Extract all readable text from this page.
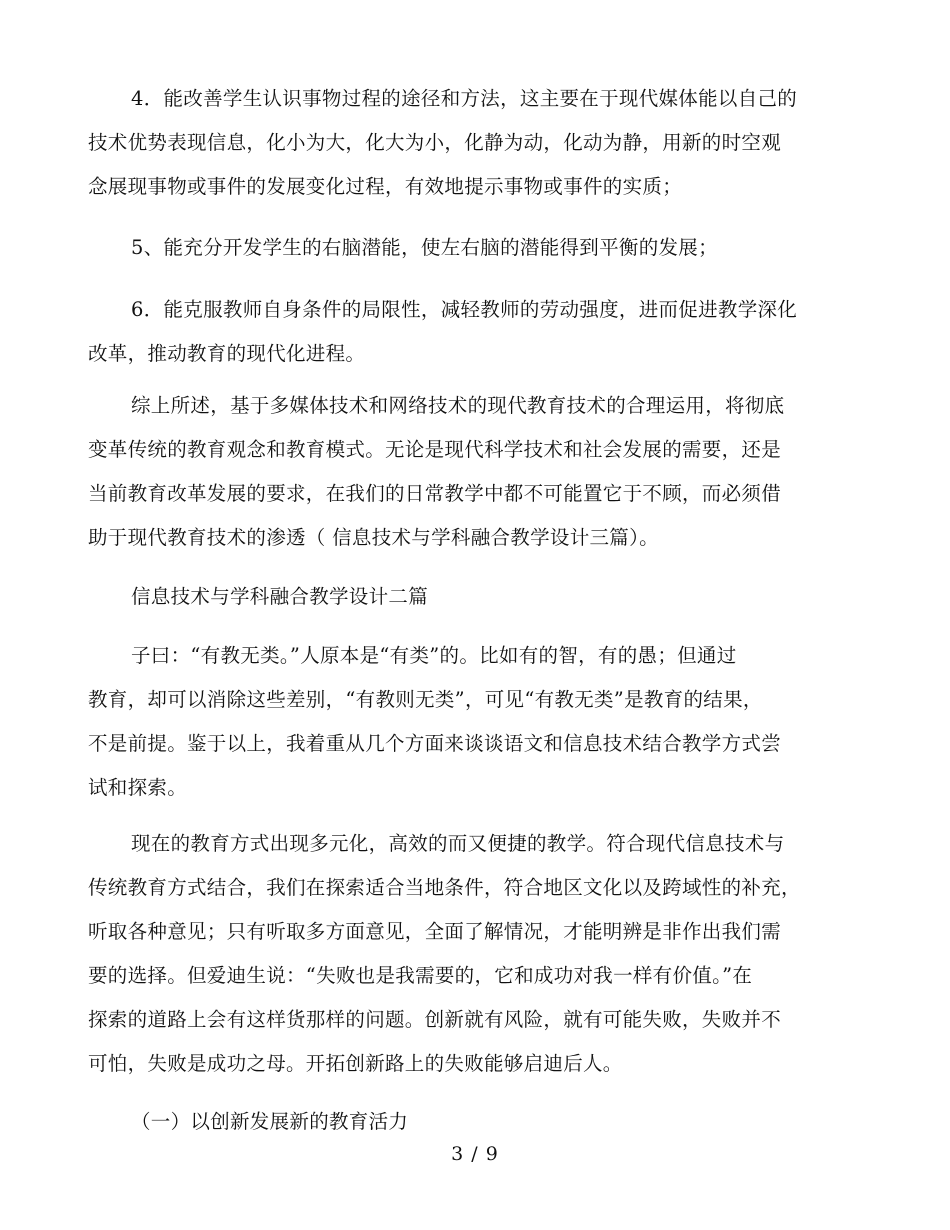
4．能改善学生认识事物过程的途径和方法，这主要在于现代媒体能以自己的
技术优势表现信息，化小为大，化大为小，化静为动，化动为静，用新的时空观
念展现事物或事件的发展变化过程，有效地提示事物或事件的实质；
5、能充分开发学生的右脑潜能，使左右脑的潜能得到平衡的发展；
6．能克服教师自身条件的局限性，减轻教师的劳动强度，进而促进教学深化
改革，推动教育的现代化进程。
综上所述，基于多媒体技术和网络技术的现代教育技术的合理运用，将彻底
变革传统的教育观念和教育模式。无论是现代科学技术和社会发展的需要，还是
当前教育改革发展的要求，在我们的日常教学中都不可能置它于不顾，而必须借
助于现代教育技术的渗透（ 信息技术与学科融合教学设计三篇）。
信息技术与学科融合教学设计二篇
子曰：“有教无类。”人原本是“有类”的。比如有的智，有的愚；但通过
教育，却可以消除这些差别，“有教则无类”，可见“有教无类”是教育的结果，
不是前提。鉴于以上，我着重从几个方面来谈谈语文和信息技术结合教学方式尝
试和探索。
现在的教育方式出现多元化，高效的而又便捷的教学。符合现代信息技术与
传统教育方式结合，我们在探索适合当地条件，符合地区文化以及跨域性的补充，
听取各种意见；只有听取多方面意见，全面了解情况，才能明辨是非作出我们需
要的选择。但爱迪生说：“失败也是我需要的，它和成功对我一样有价值。”在
探索的道路上会有这样货那样的问题。创新就有风险，就有可能失败，失败并不
可怕，失败是成功之母。开拓创新路上的失败能够启迪后人。
（一）以创新发展新的教育活力
3 / 9
